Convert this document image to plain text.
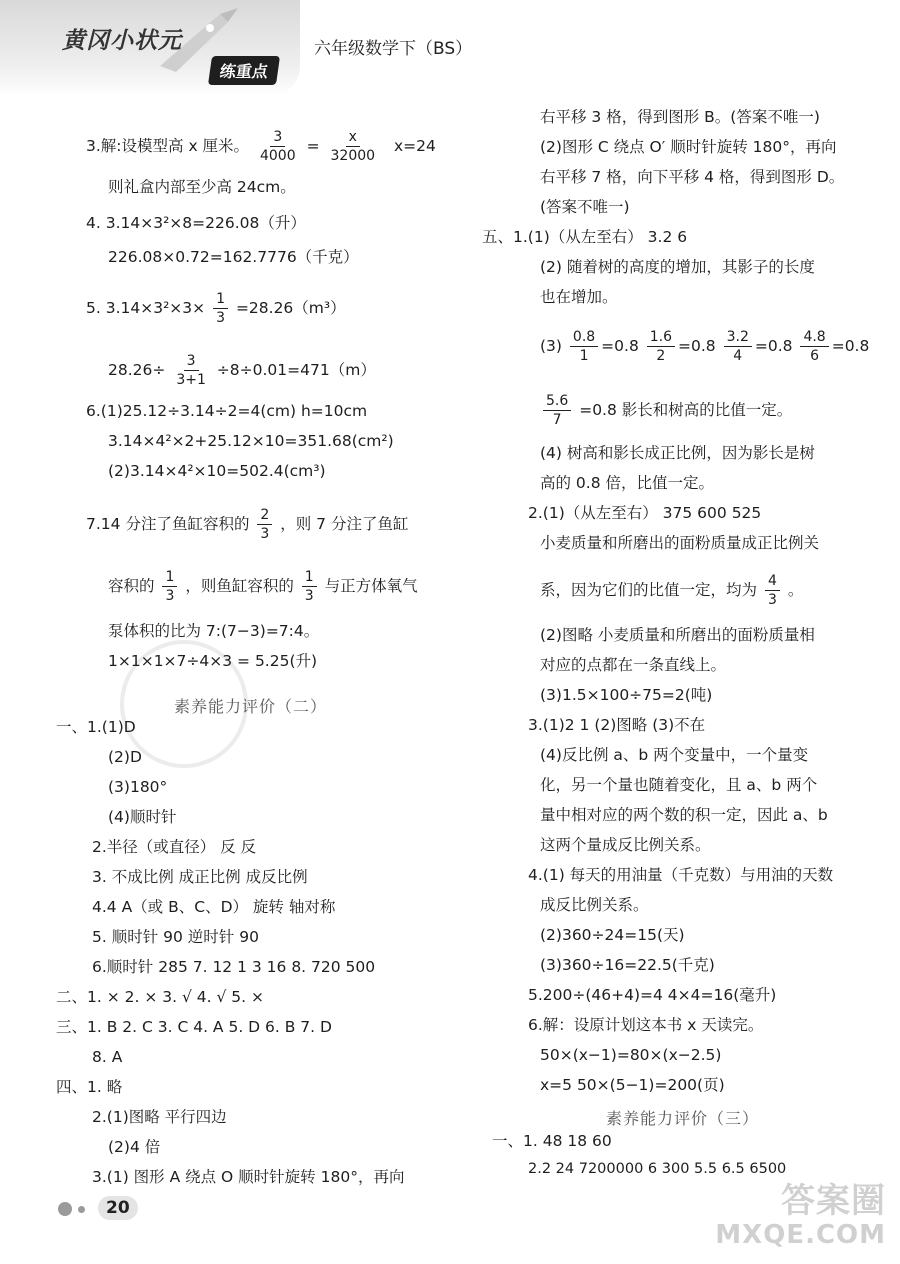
黄冈小状元
练重点
六年级数学下（BS）
3.解:设模型高 x 厘米。 $\frac{3}{4000} = \frac{x}{32000} x=24$
则礼盒内部至少高 24cm。
4. 3.14×3²×8=226.08（升）
226.08×0.72=162.7776（千克）
5. $3.14\times 3^2\times 3\times \frac{1}{3} =28.26(m^3)$
$28.26\div \frac{3}{3+1} \div 8\div 0.01=471(m)$
6.(1)25.12÷3.14÷2=4(cm) h=10cm
3.14×4²×2+25.12×10=351.68(cm²)
(2)3.14×4²×10=502.4(cm³)
7.14 分注了鱼缸容积的 $\frac{2}{3}$ ，则 7 分注了鱼缸
容积的 $\frac{1}{3}$ ，则鱼缸容积的 $\frac{1}{3}$ 与正方体氧气
泵体积的比为 7:(7−3)=7:4。
1×1×1×7÷4×3 = 5.25(升)
素养能力评价（二）
一、1.(1)D
(2)D
(3)180°
(4)顺时针
2.半径（或直径） 反 反
3. 不成比例 成正比例 成反比例
4.4 A（或 B、C、D） 旋转 轴对称
5. 顺时针 90 逆时针 90
6.顺时针 285 7. 12 1 3 16 8. 720 500
二、1. × 2. × 3. √ 4. √ 5. ×
三、1. B 2. C 3. C 4. A 5. D 6. B 7. D
8. A
四、1. 略
2.(1)图略 平行四边
(2)4 倍
3.(1) 图形 A 绕点 O 顺时针旋转 180°，再向
右平移 3 格，得到图形 B。(答案不唯一)
(2)图形 C 绕点 O′ 顺时针旋转 180°，再向
右平移 7 格，向下平移 4 格，得到图形 D。
(答案不唯一)
五、1.(1)（从左至右） 3.2 6
(2) 随着树的高度的增加，其影子的长度
也在增加。
$(3) \frac{0.8}{1} =0.8 \frac{1.6}{2} =0.8 \frac{3.2}{4} =0.8 \frac{4.8}{6} =0.8$
$\frac{5.6}{7} =0.8$ 影长和树高的比值一定。
(4) 树高和影长成正比例，因为影长是树
高的 0.8 倍，比值一定。
2.(1)（从左至右） 375 600 525
小麦质量和所磨出的面粉质量成正比例关
系，因为它们的比值一定，均为 $\frac{4}{3}$ 。
(2)图略 小麦质量和所磨出的面粉质量相
对应的点都在一条直线上。
(3)1.5×100÷75=2(吨)
3.(1)2 1 (2)图略 (3)不在
(4)反比例 a、b 两个变量中，一个量变
化，另一个量也随着变化，且 a、b 两个
量中相对应的两个数的积一定，因此 a、b
这两个量成反比例关系。
4.(1) 每天的用油量（千克数）与用油的天数
成反比例关系。
(2)360÷24=15(天)
(3)360÷16=22.5(千克)
5.200÷(46+4)=4 4×4=16(毫升)
6.解：设原计划这本书 x 天读完。
50×(x−1)=80×(x−2.5)
x=5 50×(5−1)=200(页)
素养能力评价（三）
一、1. 48 18 60
2.2 24 7200000 6 300 5.5 6.5 6500
20	答案圈
MXQE.COM
